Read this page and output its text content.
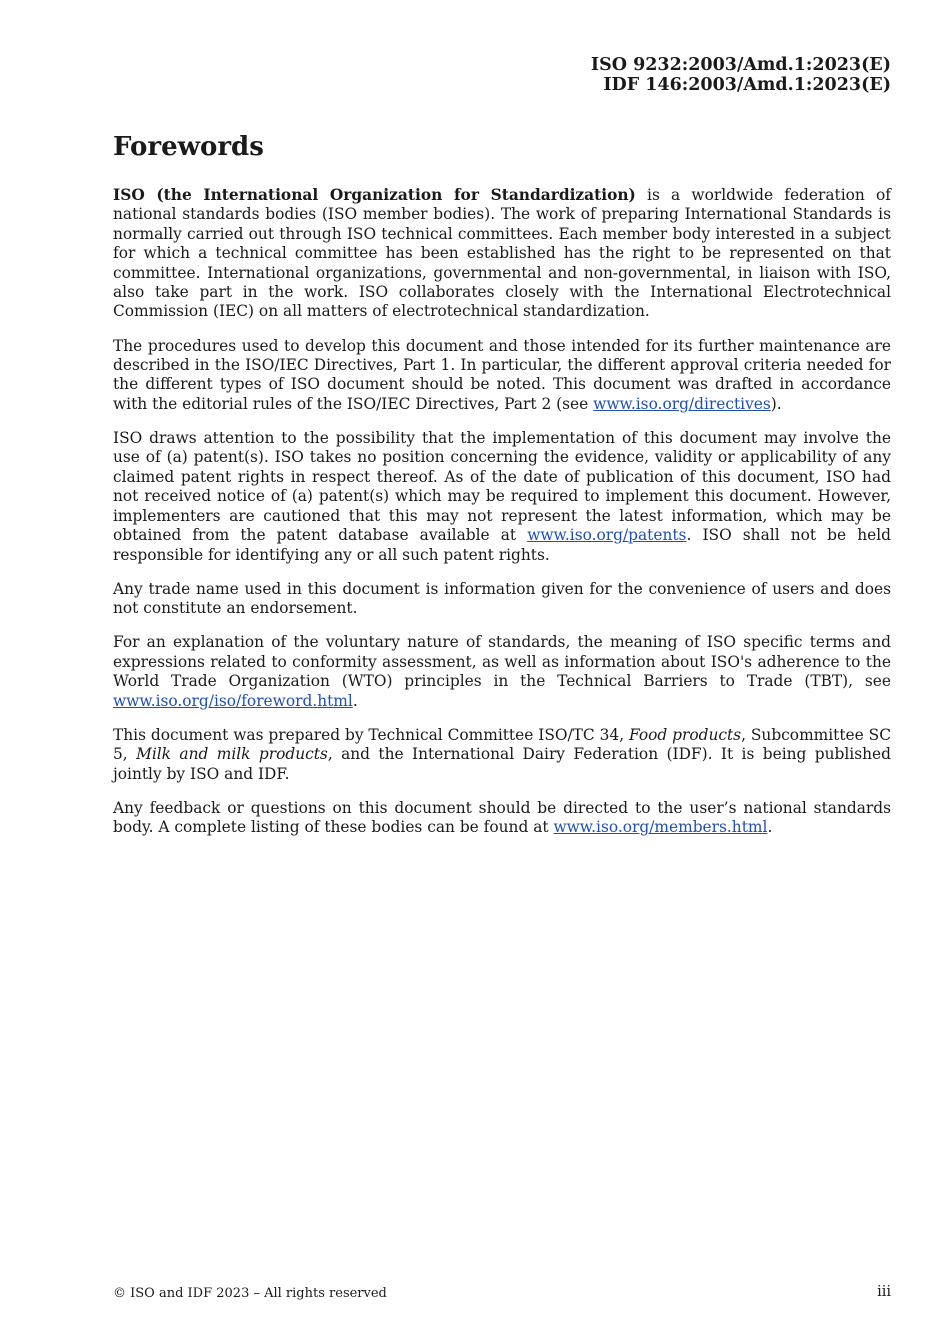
ISO 9232:2003/Amd.1:2023(E)
IDF 146:2003/Amd.1:2023(E)
Forewords

ISO (the International Organization for Standardization) is a worldwide federation of national standards bodies (ISO member bodies). The work of preparing International Standards is normally carried out through ISO technical committees. Each member body interested in a subject for which a technical committee has been established has the right to be represented on that committee. International organizations, governmental and non-governmental, in liaison with ISO, also take part in the work. ISO collaborates closely with the International Electrotechnical Commission (IEC) on all matters of electrotechnical standardization.

The procedures used to develop this document and those intended for its further maintenance are described in the ISO/IEC Directives, Part 1. In particular, the different approval criteria needed for the different types of ISO document should be noted. This document was drafted in accordance with the editorial rules of the ISO/IEC Directives, Part 2 (see www.iso.org/directives).

ISO draws attention to the possibility that the implementation of this document may involve the use of (a) patent(s). ISO takes no position concerning the evidence, validity or applicability of any claimed patent rights in respect thereof. As of the date of publication of this document, ISO had not received notice of (a) patent(s) which may be required to implement this document. However, implementers are cautioned that this may not represent the latest information, which may be obtained from the patent database available at www.iso.org/patents. ISO shall not be held responsible for identifying any or all such patent rights.

Any trade name used in this document is information given for the convenience of users and does not constitute an endorsement.

For an explanation of the voluntary nature of standards, the meaning of ISO specific terms and expressions related to conformity assessment, as well as information about ISO's adherence to the World Trade Organization (WTO) principles in the Technical Barriers to Trade (TBT), see www.iso.org/iso/foreword.html.

This document was prepared by Technical Committee ISO/TC 34, Food products, Subcommittee SC 5, Milk and milk products, and the International Dairy Federation (IDF). It is being published jointly by ISO and IDF.

Any feedback or questions on this document should be directed to the user’s national standards body. A complete listing of these bodies can be found at www.iso.org/members.html.

© ISO and IDF 2023 – All rights reserved	iii
